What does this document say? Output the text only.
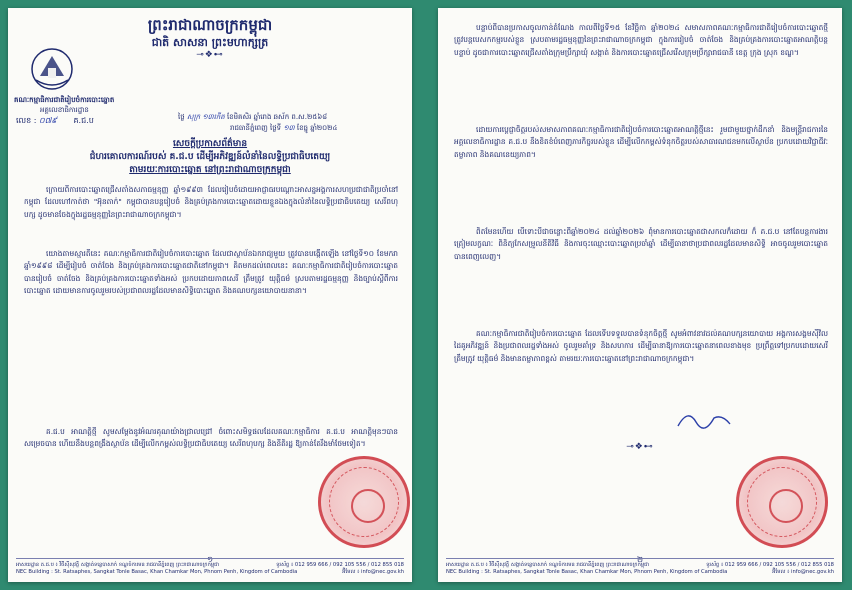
ព្រះរាជាណាចក្រកម្ពុជា
ជាតិ សាសនា ព្រះមហាក្សត្រ
⊸❖⊷
គណៈកម្មាធិការជាតិរៀបចំការបោះឆ្នោត
អគ្គលេខាធិការដ្ឋាន
លេខ : ០៧៩ គ.ជ.ប	ថ្ងៃ សុក្រ ១៣កើត ខែមិគសិរ ឆ្នាំរោង ឆស័ក ព.ស.២៥៦៨
រាជធានីភ្នំពេញ ថ្ងៃទី ១៣ ខែធ្នូ ឆ្នាំ២០២៤
សេចក្តីប្រកាសព័ត៌មាន
ជំហរគោលការណ៍របស់ គ.ជ.ប ដើម្បីអភិវឌ្ឍន៍លំនាំនៃលទ្ធិប្រជាធិបតេយ្យ
តាមរយៈការបោះឆ្នោត នៅព្រះរាជាណាចក្រកម្ពុជា
ក្រោយពីការបោះឆ្នោតជ្រើសតាំងសភាធម្មនុញ្ញ ឆ្នាំ១៩៩៣ ដែលរៀបចំដោយអាជ្ញាធរបណ្តោះអាសន្នអង្គការសហប្រជាជាតិប្រចាំនៅកម្ពុជា ដែលហៅកាត់ថា "អ៊ុនតាក់" កម្ពុជាបានបន្តរៀបចំ និងគ្រប់គ្រងការបោះឆ្នោតដោយខ្លួនឯងក្នុងលំនាំនៃលទ្ធិប្រជាធិបតេយ្យ សេរីពហុបក្ស ដូចមានចែងក្នុងរដ្ឋធម្មនុញ្ញនៃព្រះរាជាណាចក្រកម្ពុជា។
យោងតាមស្មារតីនេះ គណៈកម្មាធិការជាតិរៀបចំការបោះឆ្នោត ដែលជាស្ថាប័នឯករាជ្យមួយ ត្រូវបានបង្កើតឡើង នៅថ្ងៃទី១០ ខែមករា ឆ្នាំ១៩៩៨ ដើម្បីរៀបចំ ចាត់ចែង និងគ្រប់គ្រងការបោះឆ្នោតជាតិនៅកម្ពុជា។ គិតមកដល់ពេលនេះ គណៈកម្មាធិការជាតិរៀបចំការបោះឆ្នោតបានរៀបចំ ចាត់ចែង និងគ្រប់គ្រងការបោះឆ្នោតទាំងអស់ ប្រកបដោយភាពសេរី ត្រឹមត្រូវ យុត្តិធម៌ ស្របតាមរដ្ឋធម្មនុញ្ញ និងច្បាប់ស្តីពីការបោះឆ្នោត ដោយមានការចូលរួមរបស់ប្រជាពលរដ្ឋដែលមានសិទ្ធិបោះឆ្នោត និងគណបក្សនយោបាយនានា។
គ.ជ.ប អាណត្តិថ្មី សូមសម្តែងនូវអំណរគុណយ៉ាងជ្រាលជ្រៅ ចំពោះសមិទ្ធផលដែលគណៈកម្មាធិការ គ.ជ.ប អាណត្តិមុនៗបានសម្រេចបាន ហើយនឹងបន្តពង្រឹងស្ថាប័ន ដើម្បីលើកកម្ពស់លទ្ធិប្រជាធិបតេយ្យ សេរីពហុបក្ស និងនីតិរដ្ឋ ឱ្យកាន់តែរឹងមាំថែមទៀត។
១
អាសយដ្ឋាន គ.ជ.ប ៖ វិថីស៊ីសុវត្ថិ សង្កាត់ទន្លេបាសាក់ ខណ្ឌចំការមន រាជធានីភ្នំពេញ ព្រះរាជាណាចក្រកម្ពុជា	ទូរស័ព្ទ ៖ 012 959 666 / 092 105 556 / 012 855 018
NEC Building : St. Ratsaphes, Sangkat Tonle Basac, Khan Chamkar Mon, Phnom Penh, Kingdom of Cambodia	អ៊ីមែល ៖ info@nec.gov.kh
បន្ទាប់ពីបានប្រកាសចូលកាន់តំណែង កាលពីថ្ងៃទី១៥ ខែវិច្ឆិកា ឆ្នាំ២០២៤ សមាសភាពគណៈកម្មាធិការជាតិរៀបចំការបោះឆ្នោតថ្មី ត្រូវបន្តបេសកកម្មរបស់ខ្លួន ស្របតាមរដ្ឋធម្មនុញ្ញនៃព្រះរាជាណាចក្រកម្ពុជា ក្នុងការរៀបចំ ចាត់ចែង និងគ្រប់គ្រងការបោះឆ្នោតអាណត្តិបន្តបន្ទាប់ ដូចជាការបោះឆ្នោតជ្រើសតាំងក្រុមប្រឹក្សាឃុំ សង្កាត់ និងការបោះឆ្នោតជ្រើសរើសក្រុមប្រឹក្សារាជធានី ខេត្ត ក្រុង ស្រុក ខណ្ឌ។
ដោយការប្តេជ្ញាចិត្តរបស់សមាសភាពគណៈកម្មាធិការជាតិរៀបចំការបោះឆ្នោតអាណត្តិថ្មីនេះ រួមជាមួយថ្នាក់ដឹកនាំ និងមន្ត្រីរាជការនៃអគ្គលេខាធិការដ្ឋាន គ.ជ.ប នឹងខិតខំបំពេញភារកិច្ចរបស់ខ្លួន ដើម្បីលើកកម្ពស់ទំនុកចិត្តរបស់សាធារណជនមកលើស្ថាប័ន ប្រកបដោយវិជ្ជាជីវៈ តម្លាភាព និងគណនេយ្យភាព។
ពិតមែនហើយ បើទោះបីជាចន្លោះពីឆ្នាំ២០២៤ ដល់ឆ្នាំ២០២៦ ពុំមានការបោះឆ្នោតជាសកលក៏ដោយ ក៏ គ.ជ.ប នៅតែបន្តការងារត្រៀមលក្ខណៈ ពិនិត្យកែសម្រួលនីតិវិធី និងការចុះឈ្មោះបោះឆ្នោតប្រចាំឆ្នាំ ដើម្បីធានាថាប្រជាពលរដ្ឋដែលមានសិទ្ធិ អាចចូលរួមបោះឆ្នោតបានពេញលេញ។
គណៈកម្មាធិការជាតិរៀបចំការបោះឆ្នោត ដែលទើបទទួលបានទំនុកចិត្តថ្មី សូមអំពាវនាវដល់គណបក្សនយោបាយ អង្គការសង្គមស៊ីវិល ដៃគូអភិវឌ្ឍន៍ និងប្រជាពលរដ្ឋទាំងអស់ ចូលរួមគាំទ្រ និងសហការ ដើម្បីធានាឱ្យការបោះឆ្នោតនាពេលខាងមុខ ប្រព្រឹត្តទៅប្រកបដោយសេរី ត្រឹមត្រូវ យុត្តិធម៌ និងមានតម្លាភាពខ្ពស់ តាមរយៈការបោះឆ្នោតនៅព្រះរាជាណាចក្រកម្ពុជា។
⊸❖⊷
២
អាសយដ្ឋាន គ.ជ.ប ៖ វិថីស៊ីសុវត្ថិ សង្កាត់ទន្លេបាសាក់ ខណ្ឌចំការមន រាជធានីភ្នំពេញ ព្រះរាជាណាចក្រកម្ពុជា	ទូរស័ព្ទ ៖ 012 959 666 / 092 105 556 / 012 855 018
NEC Building : St. Ratsaphes, Sangkat Tonle Basac, Khan Chamkar Mon, Phnom Penh, Kingdom of Cambodia	អ៊ីមែល ៖ info@nec.gov.kh
